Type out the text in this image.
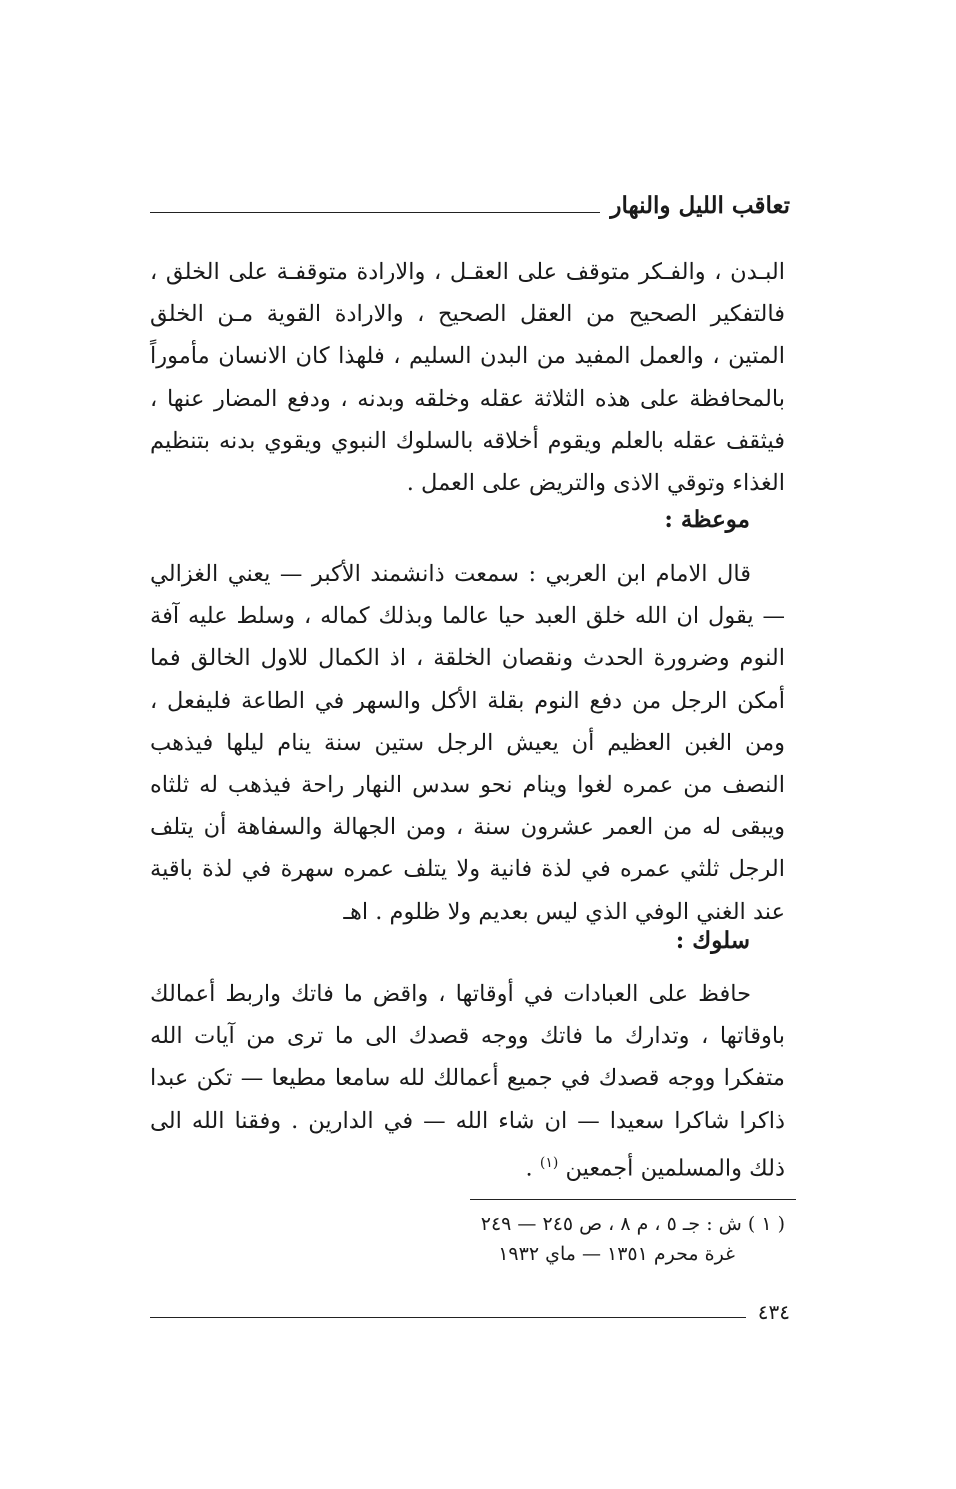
تعاقب الليل والنهار

البـدن ، والفـكر متوقف على العقـل ، والارادة متوقفـة على الخلق ، فالتفكير الصحيح من العقل الصحيح ، والارادة القوية مـن الخلق المتين ، والعمل المفيد من البدن السليم ، فلهذا كان الانسان مأموراً بالمحافظة على هذه الثلاثة عقله وخلقه وبدنه ، ودفع المضار عنها ، فيثقف عقله بالعلم ويقوم أخلاقه بالسلوك النبوي ويقوي بدنه بتنظيم الغذاء وتوقي الاذى والتريض على العمل .

موعظة :

قال الامام ابن العربي : سمعت ذانشمند الأكبر — يعني الغزالي — يقول ان الله خلق العبد حيا عالما وبذلك كماله ، وسلط عليه آفة النوم وضرورة الحدث ونقصان الخلقة ، اذ الكمال للاول الخالق فما أمكن الرجل من دفع النوم بقلة الأكل والسهر في الطاعة فليفعل ، ومن الغبن العظيم أن يعيش الرجل ستين سنة ينام ليلها فيذهب النصف من عمره لغوا وينام نحو سدس النهار راحة فيذهب له ثلثاه ويبقى له من العمر عشرون سنة ، ومن الجهالة والسفاهة أن يتلف الرجل ثلثي عمره في لذة فانية ولا يتلف عمره سهرة في لذة باقية عند الغني الوفي الذي ليس بعديم ولا ظلوم . اهـ

سلوك :

حافظ على العبادات في أوقاتها ، واقض ما فاتك واربط أعمالك باوقاتها ، وتدارك ما فاتك ووجه قصدك الى ما ترى من آيات الله متفكرا ووجه قصدك في جميع أعمالك لله سامعا مطيعا — تكن عبدا ذاكرا شاكرا سعيدا — ان شاء الله — في الدارين . وفقنا الله الى ذلك والمسلمين أجمعين $^{(١)}$ .

( ١ ) ش : جـ ٥ ، م ٨ ، ص ٢٤٥ — ٢٤٩
غرة محرم ١٣٥١ — ماي ١٩٣٢
٤٣٤
